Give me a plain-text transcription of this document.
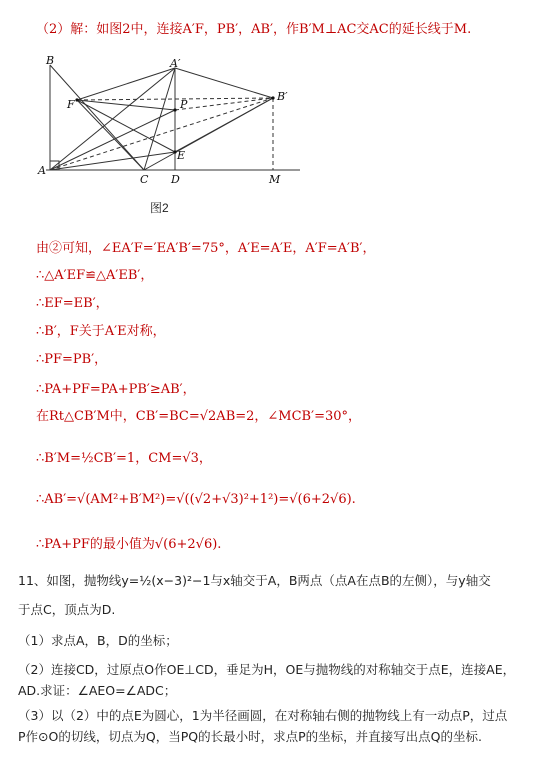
（2）解：如图2中，连接A′F，PB′，AB′，作B′M⊥AC交AC的延长线于M.
B
A
F
A′
P
E
C D
B′
M
图2
由②可知，∠EA′F=′EA′B′=75°，A′E=A′E，A′F=A′B′，
∴△A′EF≌△A′EB′，
∴EF=EB′，
∴B′，F关于A′E对称，
∴PF=PB′，
∴PA+PF=PA+PB′≥AB′，
在Rt△CB′M中，CB′=BC=√2AB=2，∠MCB′=30°，
∴B′M=½CB′=1，CM=√3，
∴AB′=√(AM²+B′M²)=√((√2+√3)²+1²)=√(6+2√6).
∴PA+PF的最小值为√(6+2√6).
11、如图，抛物线y=½(x−3)²−1与x轴交于A，B两点（点A在点B的左侧），与y轴交
于点C，顶点为D.
（1）求点A，B，D的坐标；
（2）连接CD，过原点O作OE⊥CD，垂足为H，OE与抛物线的对称轴交于点E，连接AE，
AD.求证：∠AEO=∠ADC；
（3）以（2）中的点E为圆心，1为半径画圆，在对称轴右侧的抛物线上有一动点P，过点
P作⊙O的切线，切点为Q，当PQ的长最小时，求点P的坐标，并直接写出点Q的坐标.
